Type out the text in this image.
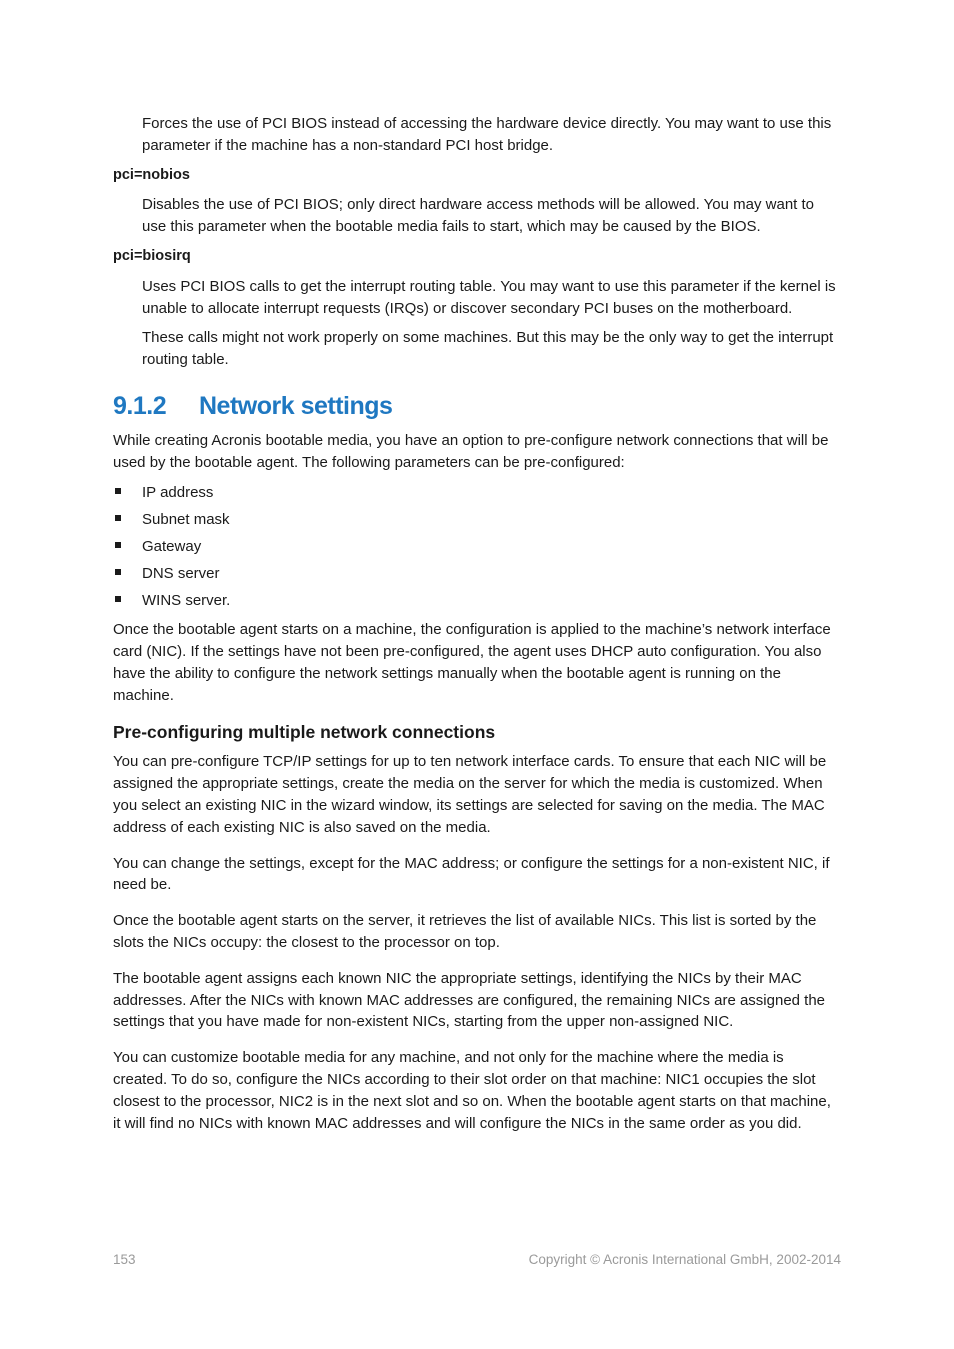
Forces the use of PCI BIOS instead of accessing the hardware device directly. You may want to use this parameter if the machine has a non-standard PCI host bridge.

pci=nobios

Disables the use of PCI BIOS; only direct hardware access methods will be allowed. You may want to use this parameter when the bootable media fails to start, which may be caused by the BIOS.

pci=biosirq

Uses PCI BIOS calls to get the interrupt routing table. You may want to use this parameter if the kernel is unable to allocate interrupt requests (IRQs) or discover secondary PCI buses on the motherboard.

These calls might not work properly on some machines. But this may be the only way to get the interrupt routing table.

9.1.2 Network settings

While creating Acronis bootable media, you have an option to pre-configure network connections that will be used by the bootable agent. The following parameters can be pre-configured:

IP address
Subnet mask
Gateway
DNS server
WINS server.

Once the bootable agent starts on a machine, the configuration is applied to the machine’s network interface card (NIC). If the settings have not been pre-configured, the agent uses DHCP auto configuration. You also have the ability to configure the network settings manually when the bootable agent is running on the machine.

Pre-configuring multiple network connections

You can pre-configure TCP/IP settings for up to ten network interface cards. To ensure that each NIC will be assigned the appropriate settings, create the media on the server for which the media is customized. When you select an existing NIC in the wizard window, its settings are selected for saving on the media. The MAC address of each existing NIC is also saved on the media.

You can change the settings, except for the MAC address; or configure the settings for a non-existent NIC, if need be.

Once the bootable agent starts on the server, it retrieves the list of available NICs. This list is sorted by the slots the NICs occupy: the closest to the processor on top.

The bootable agent assigns each known NIC the appropriate settings, identifying the NICs by their MAC addresses. After the NICs with known MAC addresses are configured, the remaining NICs are assigned the settings that you have made for non-existent NICs, starting from the upper non-assigned NIC.

You can customize bootable media for any machine, and not only for the machine where the media is created. To do so, configure the NICs according to their slot order on that machine: NIC1 occupies the slot closest to the processor, NIC2 is in the next slot and so on. When the bootable agent starts on that machine, it will find no NICs with known MAC addresses and will configure the NICs in the same order as you did.

153	Copyright © Acronis International GmbH, 2002-2014
